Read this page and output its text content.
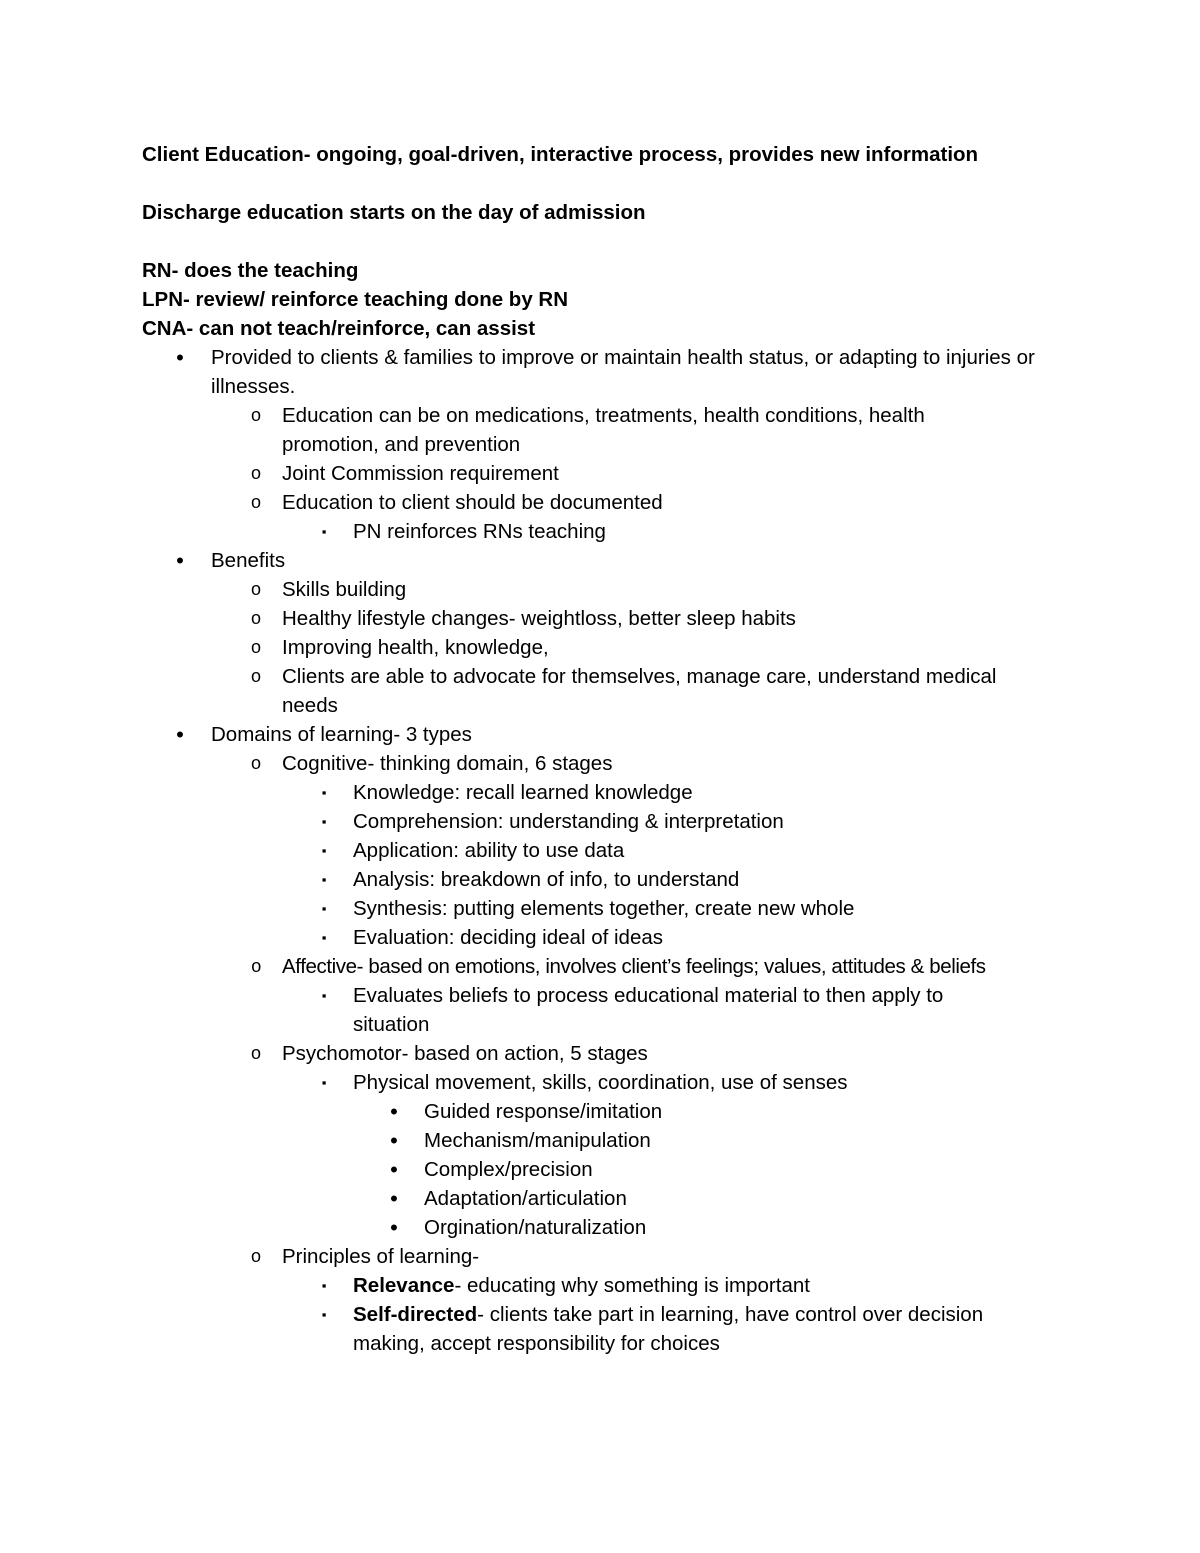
Client Education- ongoing, goal-driven, interactive process, provides new information
Discharge education starts on the day of admission
RN- does the teaching
LPN- review/ reinforce teaching done by RN
CNA- can not teach/reinforce, can assist
•	Provided to clients & families to improve or maintain health status, or adapting to injuries or illnesses.
o	Education can be on medications, treatments, health conditions, health promotion, and prevention
o	Joint Commission requirement
o	Education to client should be documented
▪	PN reinforces RNs teaching
•	Benefits
o	Skills building
o	Healthy lifestyle changes- weightloss, better sleep habits
o	Improving health, knowledge,
o	Clients are able to advocate for themselves, manage care, understand medical needs
•	Domains of learning- 3 types
o	Cognitive- thinking domain, 6 stages
▪	Knowledge: recall learned knowledge
▪	Comprehension: understanding & interpretation
▪	Application: ability to use data
▪	Analysis: breakdown of info, to understand
▪	Synthesis: putting elements together, create new whole
▪	Evaluation: deciding ideal of ideas
o	Affective- based on emotions, involves client’s feelings; values, attitudes & beliefs
▪	Evaluates beliefs to process educational material to then apply to situation
o	Psychomotor- based on action, 5 stages
▪	Physical movement, skills, coordination, use of senses
•	Guided response/imitation
•	Mechanism/manipulation
•	Complex/precision
•	Adaptation/articulation
•	Orgination/naturalization
o	Principles of learning-
▪	Relevance- educating why something is important
▪	Self-directed- clients take part in learning, have control over decision making, accept responsibility for choices
